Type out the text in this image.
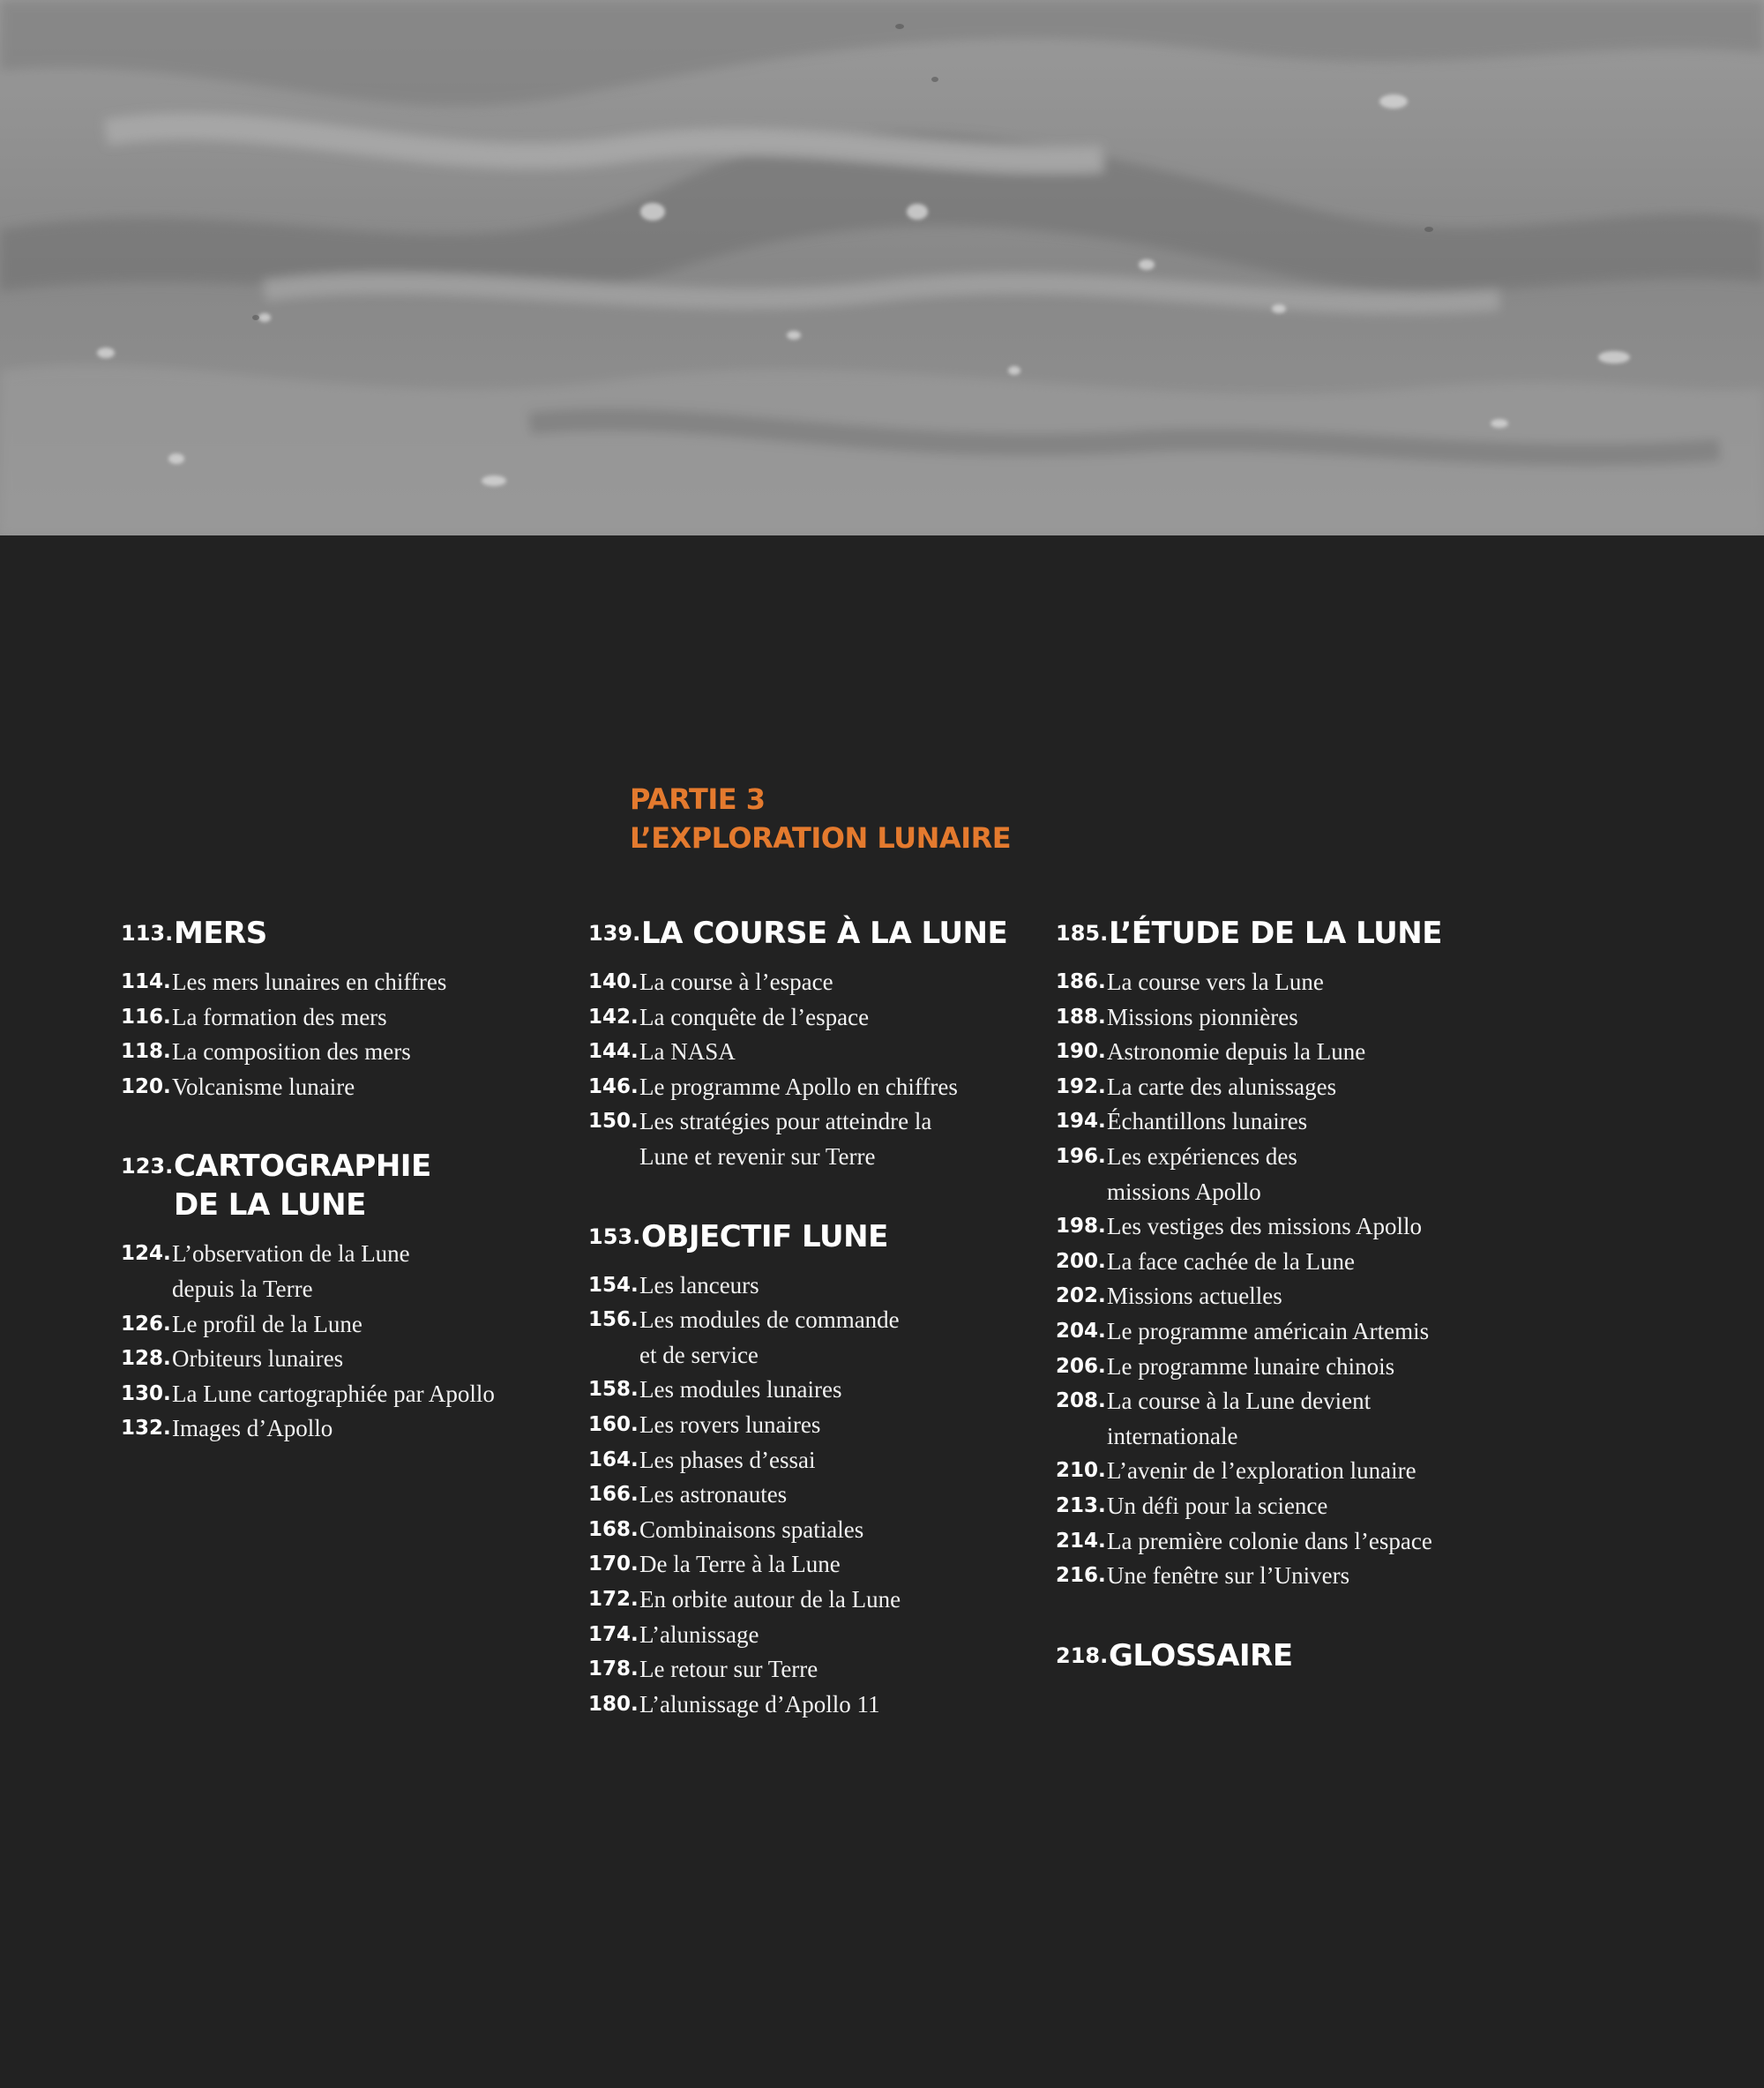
PARTIE 3
L’EXPLORATION LUNAIRE
113. MERS
114. Les mers lunaires en chiffres
116. La formation des mers
118. La composition des mers
120. Volcanisme lunaire
123. CARTOGRAPHIE
DE LA LUNE
124. L’observation de la Lune
depuis la Terre
126. Le profil de la Lune
128. Orbiteurs lunaires
130. La Lune cartographiée par Apollo
132. Images d’Apollo
139. LA COURSE À LA LUNE
140. La course à l’espace
142. La conquête de l’espace
144. La NASA
146. Le programme Apollo en chiffres
150. Les stratégies pour atteindre la
Lune et revenir sur Terre
153. OBJECTIF LUNE
154. Les lanceurs
156. Les modules de commande
et de service
158. Les modules lunaires
160. Les rovers lunaires
164. Les phases d’essai
166. Les astronautes
168. Combinaisons spatiales
170. De la Terre à la Lune
172. En orbite autour de la Lune
174. L’alunissage
178. Le retour sur Terre
180. L’alunissage d’Apollo 11
185. L’ÉTUDE DE LA LUNE
186. La course vers la Lune
188. Missions pionnières
190. Astronomie depuis la Lune
192. La carte des alunissages
194. Échantillons lunaires
196. Les expériences des
missions Apollo
198. Les vestiges des missions Apollo
200. La face cachée de la Lune
202. Missions actuelles
204. Le programme américain Artemis
206. Le programme lunaire chinois
208. La course à la Lune devient
internationale
210. L’avenir de l’exploration lunaire
213. Un défi pour la science
214. La première colonie dans l’espace
216. Une fenêtre sur l’Univers
218. GLOSSAIRE
